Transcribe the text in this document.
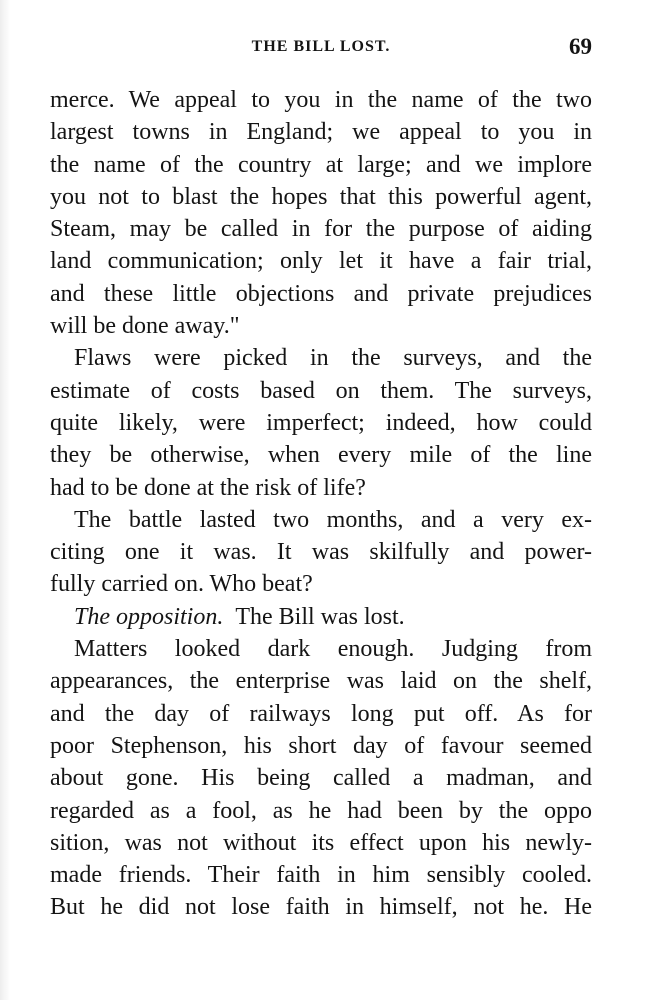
THE BILL LOST.	69
merce. We appeal to you in the name of the two
largest towns in England; we appeal to you in
the name of the country at large; and we implore
you not to blast the hopes that this powerful agent,
Steam, may be called in for the purpose of aiding
land communication; only let it have a fair trial,
and these little objections and private prejudices
will be done away."
Flaws were picked in the surveys, and the
estimate of costs based on them. The surveys,
quite likely, were imperfect; indeed, how could
they be otherwise, when every mile of the line
had to be done at the risk of life?
The battle lasted two months, and a very ex-
citing one it was. It was skilfully and power-
fully carried on. Who beat?
The opposition. The Bill was lost.
Matters looked dark enough. Judging from
appearances, the enterprise was laid on the shelf,
and the day of railways long put off. As for
poor Stephenson, his short day of favour seemed
about gone. His being called a madman, and
regarded as a fool, as he had been by the oppo
sition, was not without its effect upon his newly-
made friends. Their faith in him sensibly cooled.
But he did not lose faith in himself, not he. He
